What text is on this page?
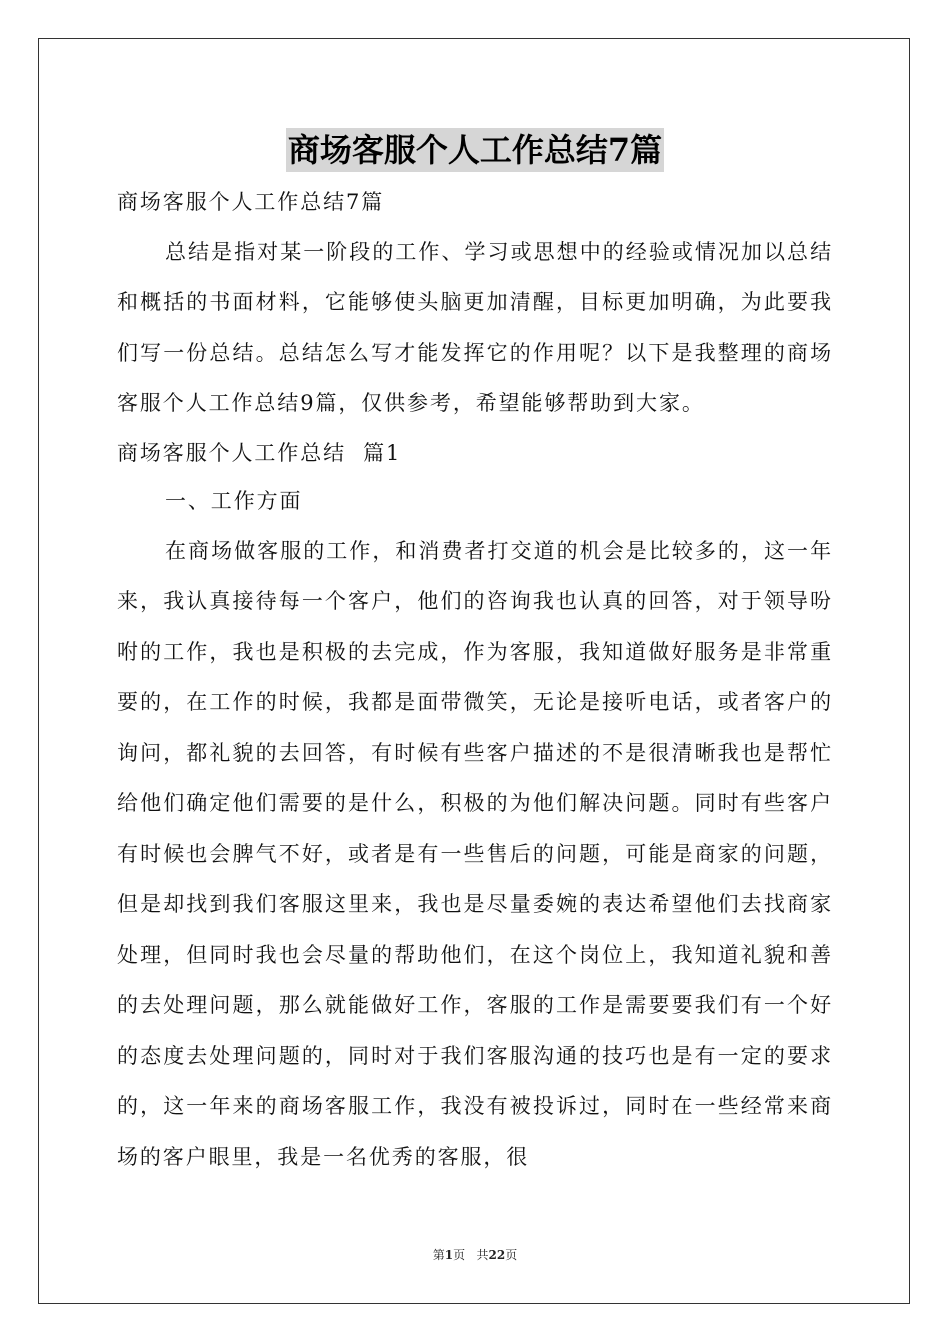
商场客服个人工作总结7篇

商场客服个人工作总结7篇

总结是指对某一阶段的工作、学习或思想中的经验或情况加以总结和概括的书面材料，它能够使头脑更加清醒，目标更加明确，为此要我们写一份总结。总结怎么写才能发挥它的作用呢？以下是我整理的商场客服个人工作总结9篇，仅供参考，希望能够帮助到大家。

商场客服个人工作总结  篇1

一、工作方面

在商场做客服的工作，和消费者打交道的机会是比较多的，这一年来，我认真接待每一个客户，他们的咨询我也认真的回答，对于领导吩咐的工作，我也是积极的去完成，作为客服，我知道做好服务是非常重要的，在工作的时候，我都是面带微笑，无论是接听电话，或者客户的询问，都礼貌的去回答，有时候有些客户描述的不是很清晰我也是帮忙给他们确定他们需要的是什么，积极的为他们解决问题。同时有些客户有时候也会脾气不好，或者是有一些售后的问题，可能是商家的问题，但是却找到我们客服这里来，我也是尽量委婉的表达希望他们去找商家处理，但同时我也会尽量的帮助他们，在这个岗位上，我知道礼貌和善的去处理问题，那么就能做好工作，客服的工作是需要要我们有一个好的态度去处理问题的，同时对于我们客服沟通的技巧也是有一定的要求的，这一年来的商场客服工作，我没有被投诉过，同时在一些经常来商场的客户眼里，我是一名优秀的客服，很

第1页   共22页
